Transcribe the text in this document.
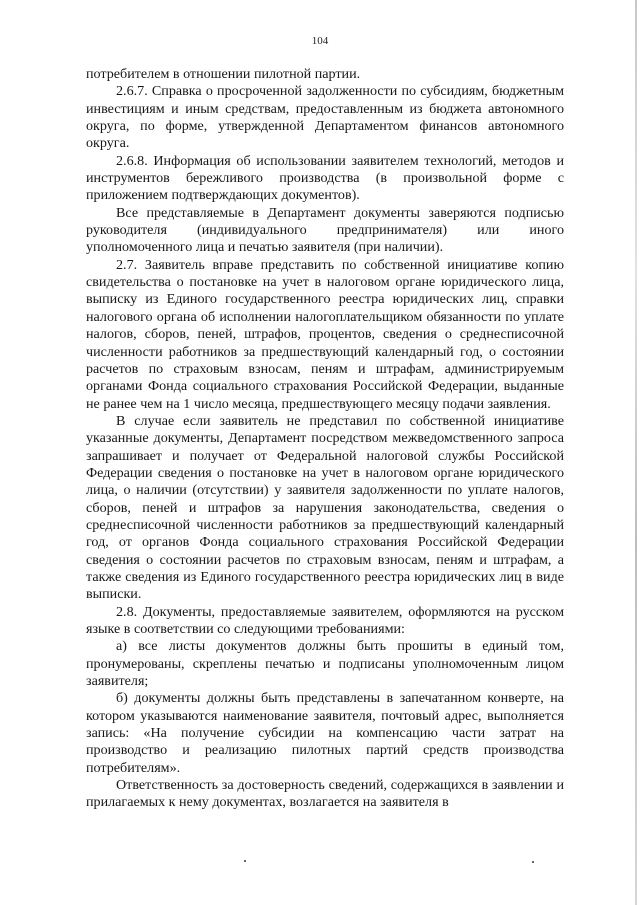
104

потребителем в отношении пилотной партии.

2.6.7. Справка о просроченной задолженности по субсидиям, бюджетным инвестициям и иным средствам, предоставленным из бюджета автономного округа, по форме, утвержденной Департаментом финансов автономного округа.

2.6.8. Информация об использовании заявителем технологий, методов и инструментов бережливого производства (в произвольной форме с приложением подтверждающих документов).

Все представляемые в Департамент документы заверяются подписью руководителя (индивидуального предпринимателя) или иного уполномоченного лица и печатью заявителя (при наличии).

2.7. Заявитель вправе представить по собственной инициативе копию свидетельства о постановке на учет в налоговом органе юридического лица, выписку из Единого государственного реестра юридических лиц, справки налогового органа об исполнении налогоплательщиком обязанности по уплате налогов, сборов, пеней, штрафов, процентов, сведения о среднесписочной численности работников за предшествующий календарный год, о состоянии расчетов по страховым взносам, пеням и штрафам, администрируемым органами Фонда социального страхования Российской Федерации, выданные не ранее чем на 1 число месяца, предшествующего месяцу подачи заявления.

В случае если заявитель не представил по собственной инициативе указанные документы, Департамент посредством межведомственного запроса запрашивает и получает от Федеральной налоговой службы Российской Федерации сведения о постановке на учет в налоговом органе юридического лица, о наличии (отсутствии) у заявителя задолженности по уплате налогов, сборов, пеней и штрафов за нарушения законодательства, сведения о среднесписочной численности работников за предшествующий календарный год, от органов Фонда социального страхования Российской Федерации сведения о состоянии расчетов по страховым взносам, пеням и штрафам, а также сведения из Единого государственного реестра юридических лиц в виде выписки.

2.8. Документы, предоставляемые заявителем, оформляются на русском языке в соответствии со следующими требованиями:

а) все листы документов должны быть прошиты в единый том, пронумерованы, скреплены печатью и подписаны уполномоченным лицом заявителя;

б) документы должны быть представлены в запечатанном конверте, на котором указываются наименование заявителя, почтовый адрес, выполняется запись: «На получение субсидии на компенсацию части затрат на производство и реализацию пилотных партий средств производства потребителям».

Ответственность за достоверность сведений, содержащихся в заявлении и прилагаемых к нему документах, возлагается на заявителя в
